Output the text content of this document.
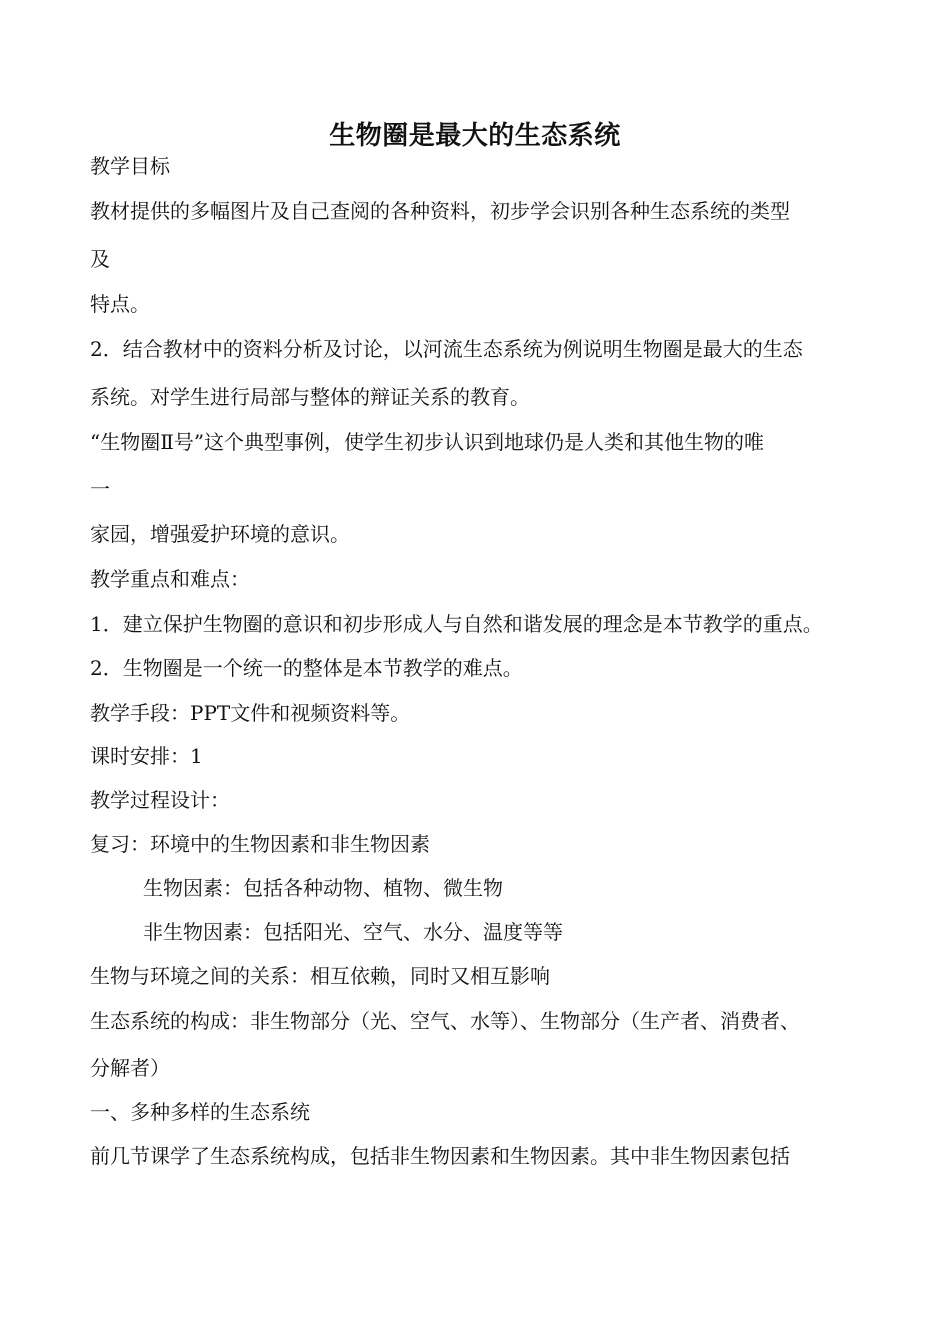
生物圈是最大的生态系统
教学目标
教材提供的多幅图片及自己查阅的各种资料，初步学会识别各种生态系统的类型
及
特点。
2．结合教材中的资料分析及讨论，以河流生态系统为例说明生物圈是最大的生态
系统。对学生进行局部与整体的辩证关系的教育。
“生物圈Ⅱ号”这个典型事例，使学生初步认识到地球仍是人类和其他生物的唯
一
家园，增强爱护环境的意识。
教学重点和难点：
1．建立保护生物圈的意识和初步形成人与自然和谐发展的理念是本节教学的重点。
2．生物圈是一个统一的整体是本节教学的难点。
教学手段：PPT文件和视频资料等。
课时安排：1
教学过程设计：
复习：环境中的生物因素和非生物因素
生物因素：包括各种动物、植物、微生物
非生物因素：包括阳光、空气、水分、温度等等
生物与环境之间的关系：相互依赖，同时又相互影响
生态系统的构成：非生物部分（光、空气、水等）、生物部分（生产者、消费者、
分解者）
一、多种多样的生态系统
前几节课学了生态系统构成，包括非生物因素和生物因素。其中非生物因素包括
